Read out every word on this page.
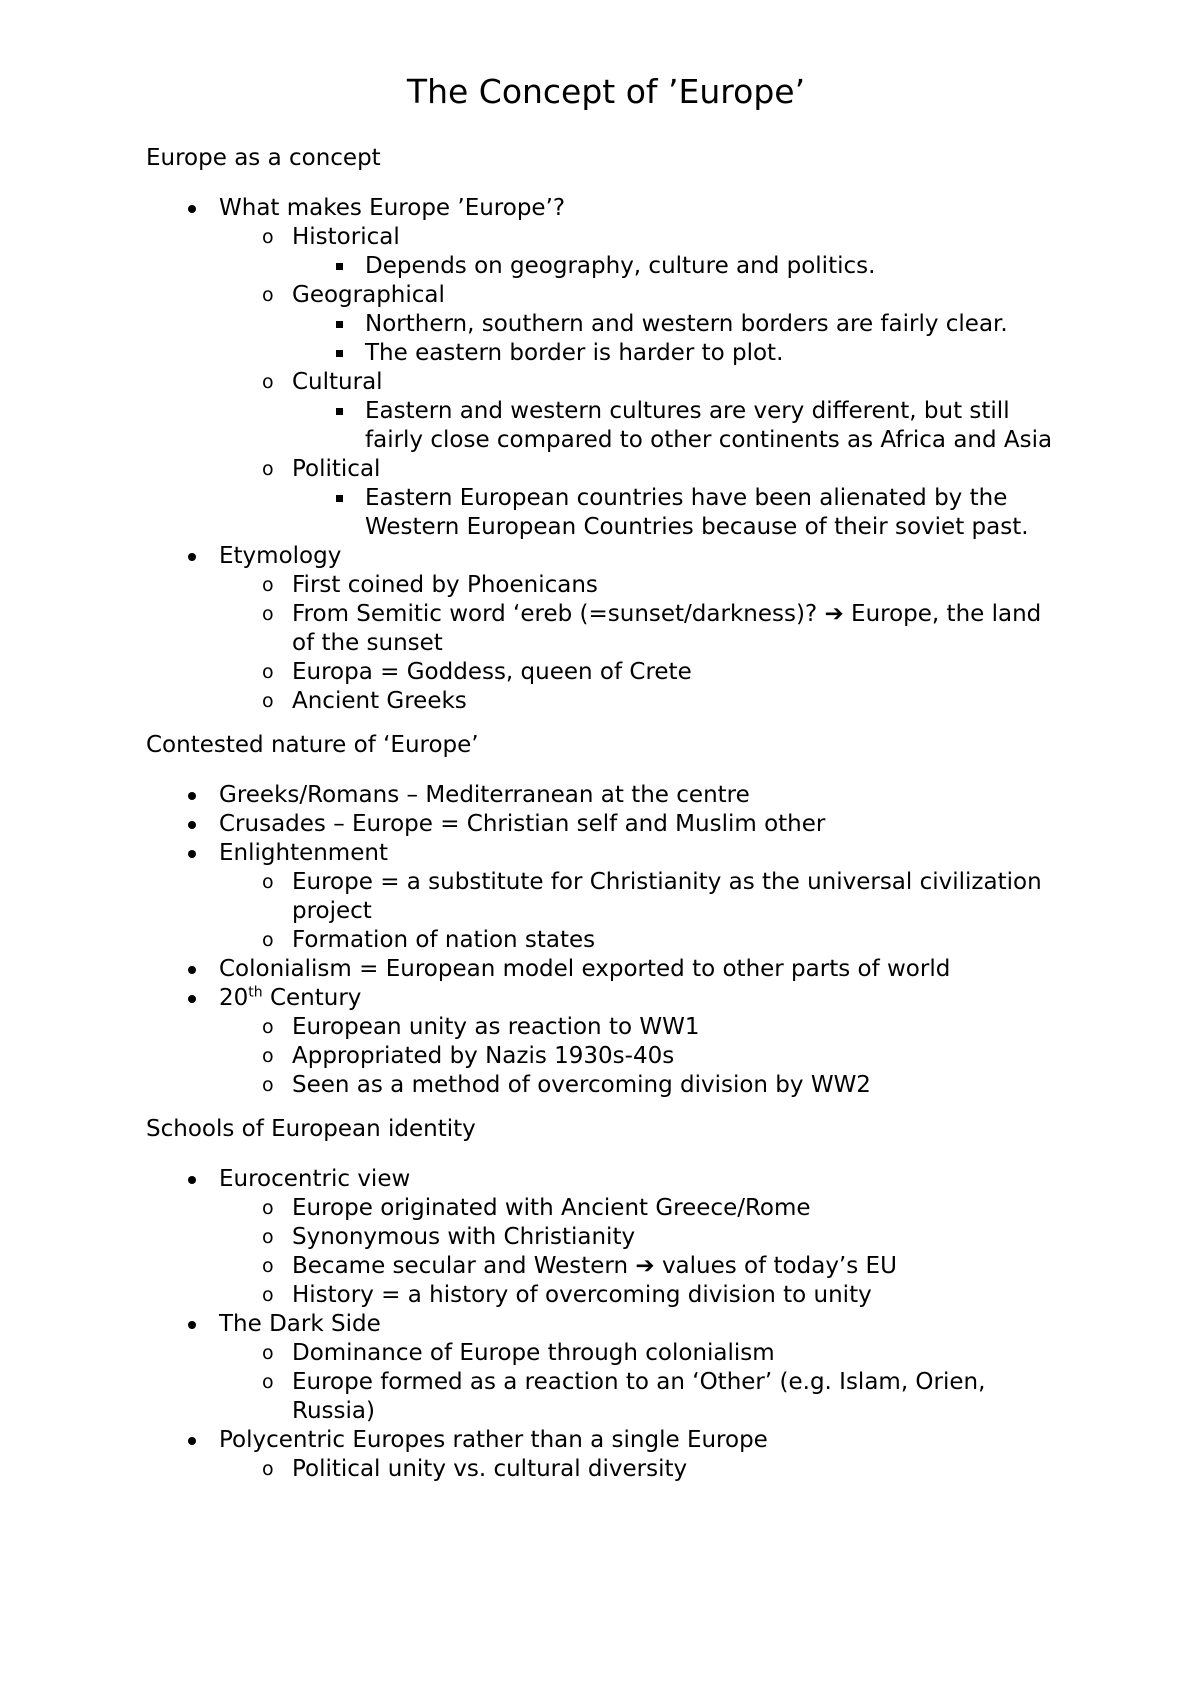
The Concept of ’Europe’
Europe as a concept
What makes Europe ’Europe’?
Historical
Depends on geography, culture and politics.
Geographical
Northern, southern and western borders are fairly clear.
The eastern border is harder to plot.
Cultural
Eastern and western cultures are very different, but still fairly close compared to other continents as Africa and Asia
Political
Eastern European countries have been alienated by the Western European Countries because of their soviet past.
Etymology
First coined by Phoenicans
From Semitic word ‘ereb (=sunset/darkness)? ➔ Europe, the land of the sunset
Europa = Goddess, queen of Crete
Ancient Greeks
Contested nature of ‘Europe’
Greeks/Romans – Mediterranean at the centre
Crusades – Europe = Christian self and Muslim other
Enlightenment
Europe = a substitute for Christianity as the universal civilization project
Formation of nation states
Colonialism = European model exported to other parts of world
20th Century
European unity as reaction to WW1
Appropriated by Nazis 1930s-40s
Seen as a method of overcoming division by WW2
Schools of European identity
Eurocentric view
Europe originated with Ancient Greece/Rome
Synonymous with Christianity
Became secular and Western ➔ values of today’s EU
History = a history of overcoming division to unity
The Dark Side
Dominance of Europe through colonialism
Europe formed as a reaction to an ‘Other’ (e.g. Islam, Orien, Russia)
Polycentric Europes rather than a single Europe
Political unity vs. cultural diversity
